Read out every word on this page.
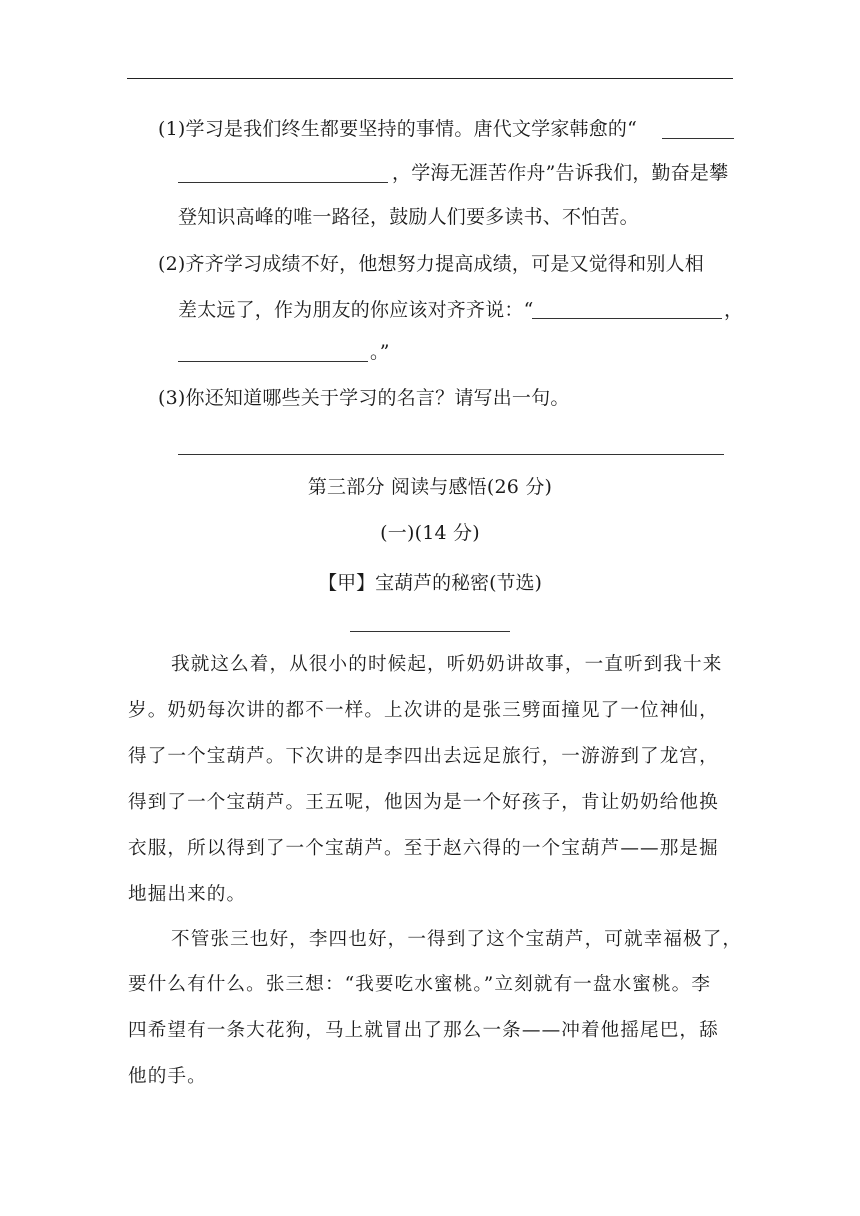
(1)学习是我们终生都要坚持的事情。唐代文学家韩愈的“
，学海无涯苦作舟”告诉我们，勤奋是攀
登知识高峰的唯一路径，鼓励人们要多读书、不怕苦。
(2)齐齐学习成绩不好，他想努力提高成绩，可是又觉得和别人相
差太远了，作为朋友的你应该对齐齐说：“	，
。”
(3)你还知道哪些关于学习的名言？请写出一句。
第三部分 阅读与感悟(26 分)
(一)(14 分)
【甲】宝葫芦的秘密(节选)
我就这么着，从很小的时候起，听奶奶讲故事，一直听到我十来
岁。奶奶每次讲的都不一样。上次讲的是张三劈面撞见了一位神仙，
得了一个宝葫芦。下次讲的是李四出去远足旅行，一游游到了龙宫，
得到了一个宝葫芦。王五呢，他因为是一个好孩子，肯让奶奶给他换
衣服，所以得到了一个宝葫芦。至于赵六得的一个宝葫芦——那是掘
地掘出来的。
不管张三也好，李四也好，一得到了这个宝葫芦，可就幸福极了，
要什么有什么。张三想：“我要吃水蜜桃。”立刻就有一盘水蜜桃。李
四希望有一条大花狗，马上就冒出了那么一条——冲着他摇尾巴，舔
他的手。
